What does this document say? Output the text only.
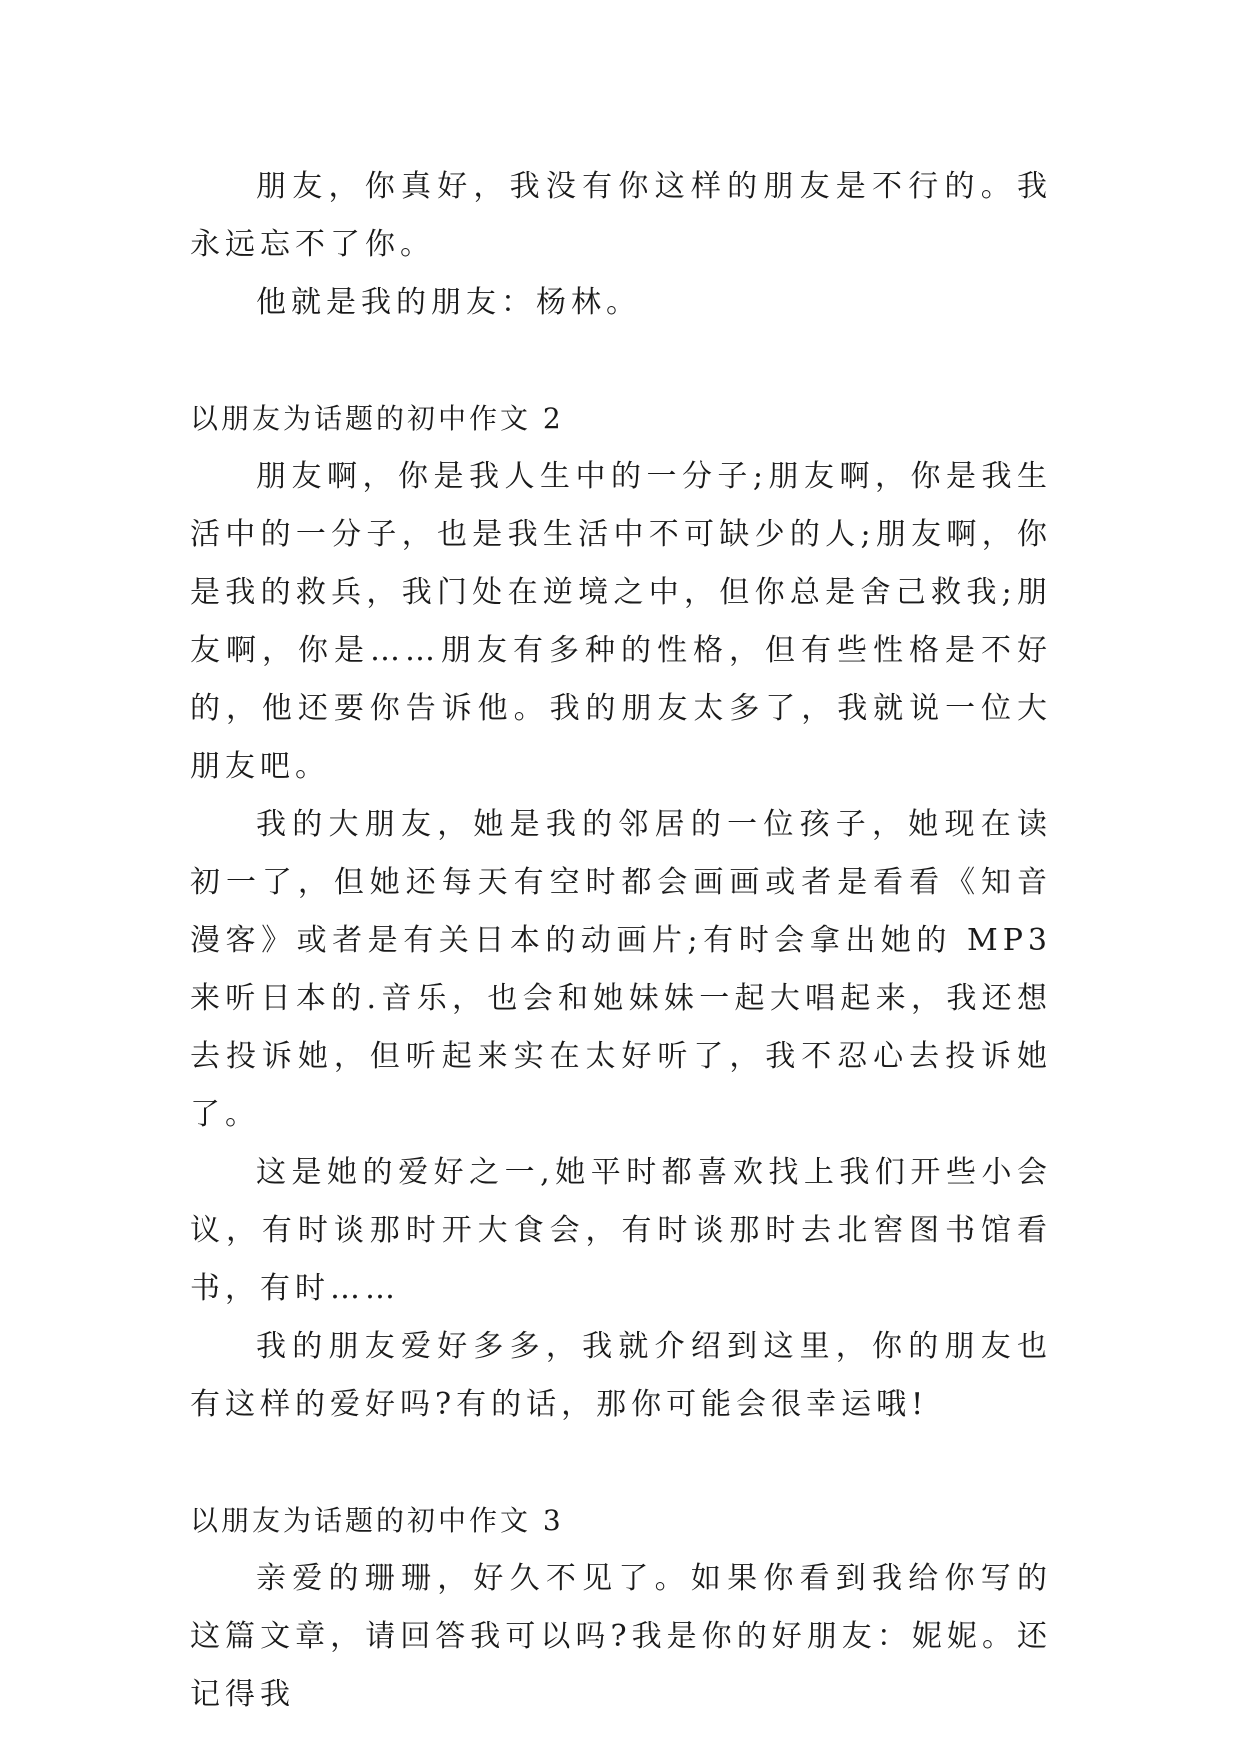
朋友，你真好，我没有你这样的朋友是不行的。我永远忘不了你。

他就是我的朋友：杨林。

以朋友为话题的初中作文 2

朋友啊，你是我人生中的一分子;朋友啊，你是我生活中的一分子，也是我生活中不可缺少的人;朋友啊，你是我的救兵，我门处在逆境之中，但你总是舍己救我;朋友啊，你是……朋友有多种的性格，但有些性格是不好的，他还要你告诉他。我的朋友太多了，我就说一位大朋友吧。

我的大朋友，她是我的邻居的一位孩子，她现在读初一了，但她还每天有空时都会画画或者是看看《知音漫客》或者是有关日本的动画片;有时会拿出她的 MP3 来听日本的.音乐，也会和她妹妹一起大唱起来，我还想去投诉她，但听起来实在太好听了，我不忍心去投诉她了。

这是她的爱好之一,她平时都喜欢找上我们开些小会议，有时谈那时开大食会，有时谈那时去北窖图书馆看书，有时……

我的朋友爱好多多，我就介绍到这里，你的朋友也有这样的爱好吗?有的话，那你可能会很幸运哦!

以朋友为话题的初中作文 3

亲爱的珊珊，好久不见了。如果你看到我给你写的这篇文章，请回答我可以吗?我是你的好朋友：妮妮。还记得我
